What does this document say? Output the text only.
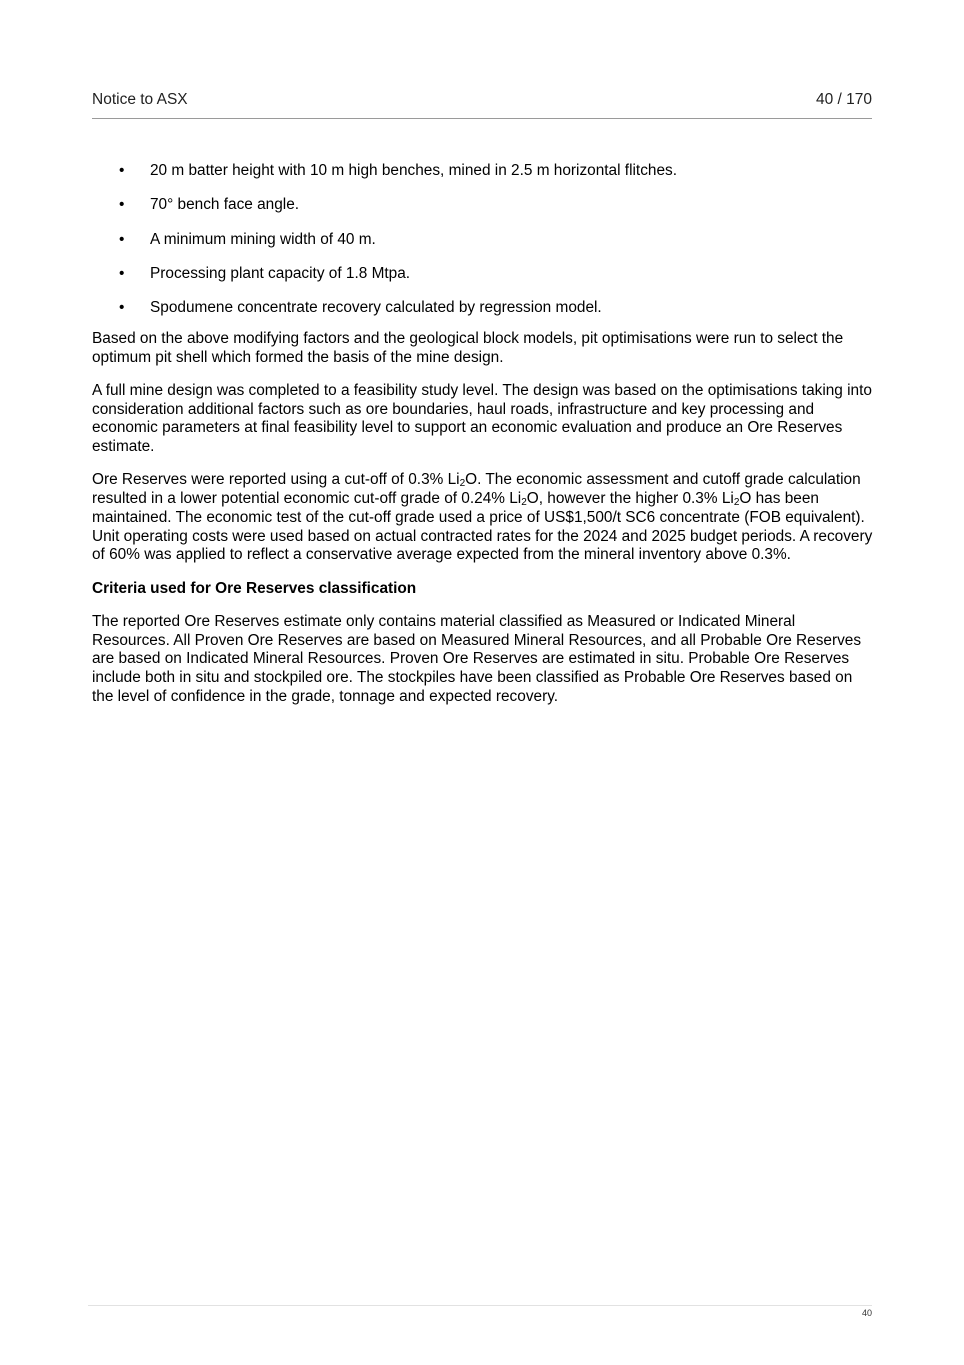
Notice to ASX	40 / 170
• 20 m batter height with 10 m high benches, mined in 2.5 m horizontal flitches.
• 70° bench face angle.
• A minimum mining width of 40 m.
• Processing plant capacity of 1.8 Mtpa.
• Spodumene concentrate recovery calculated by regression model.

Based on the above modifying factors and the geological block models, pit optimisations were run to select the optimum pit shell which formed the basis of the mine design.

A full mine design was completed to a feasibility study level. The design was based on the optimisations taking into consideration additional factors such as ore boundaries, haul roads, infrastructure and key processing and economic parameters at final feasibility level to support an economic evaluation and produce an Ore Reserves estimate.

Ore Reserves were reported using a cut-off of 0.3% $Li_2O$. The economic assessment and cutoff grade calculation resulted in a lower potential economic cut-off grade of 0.24% $Li_2O$, however the higher 0.3% $Li_2O$ has been maintained. The economic test of the cut-off grade used a price of US$1,500/t SC6 concentrate (FOB equivalent). Unit operating costs were used based on actual contracted rates for the 2024 and 2025 budget periods. A recovery of 60% was applied to reflect a conservative average expected from the mineral inventory above 0.3%.

Criteria used for Ore Reserves classification

The reported Ore Reserves estimate only contains material classified as Measured or Indicated Mineral Resources. All Proven Ore Reserves are based on Measured Mineral Resources, and all Probable Ore Reserves are based on Indicated Mineral Resources. Proven Ore Reserves are estimated in situ. Probable Ore Reserves include both in situ and stockpiled ore. The stockpiles have been classified as Probable Ore Reserves based on the level of confidence in the grade, tonnage and expected recovery.

40
